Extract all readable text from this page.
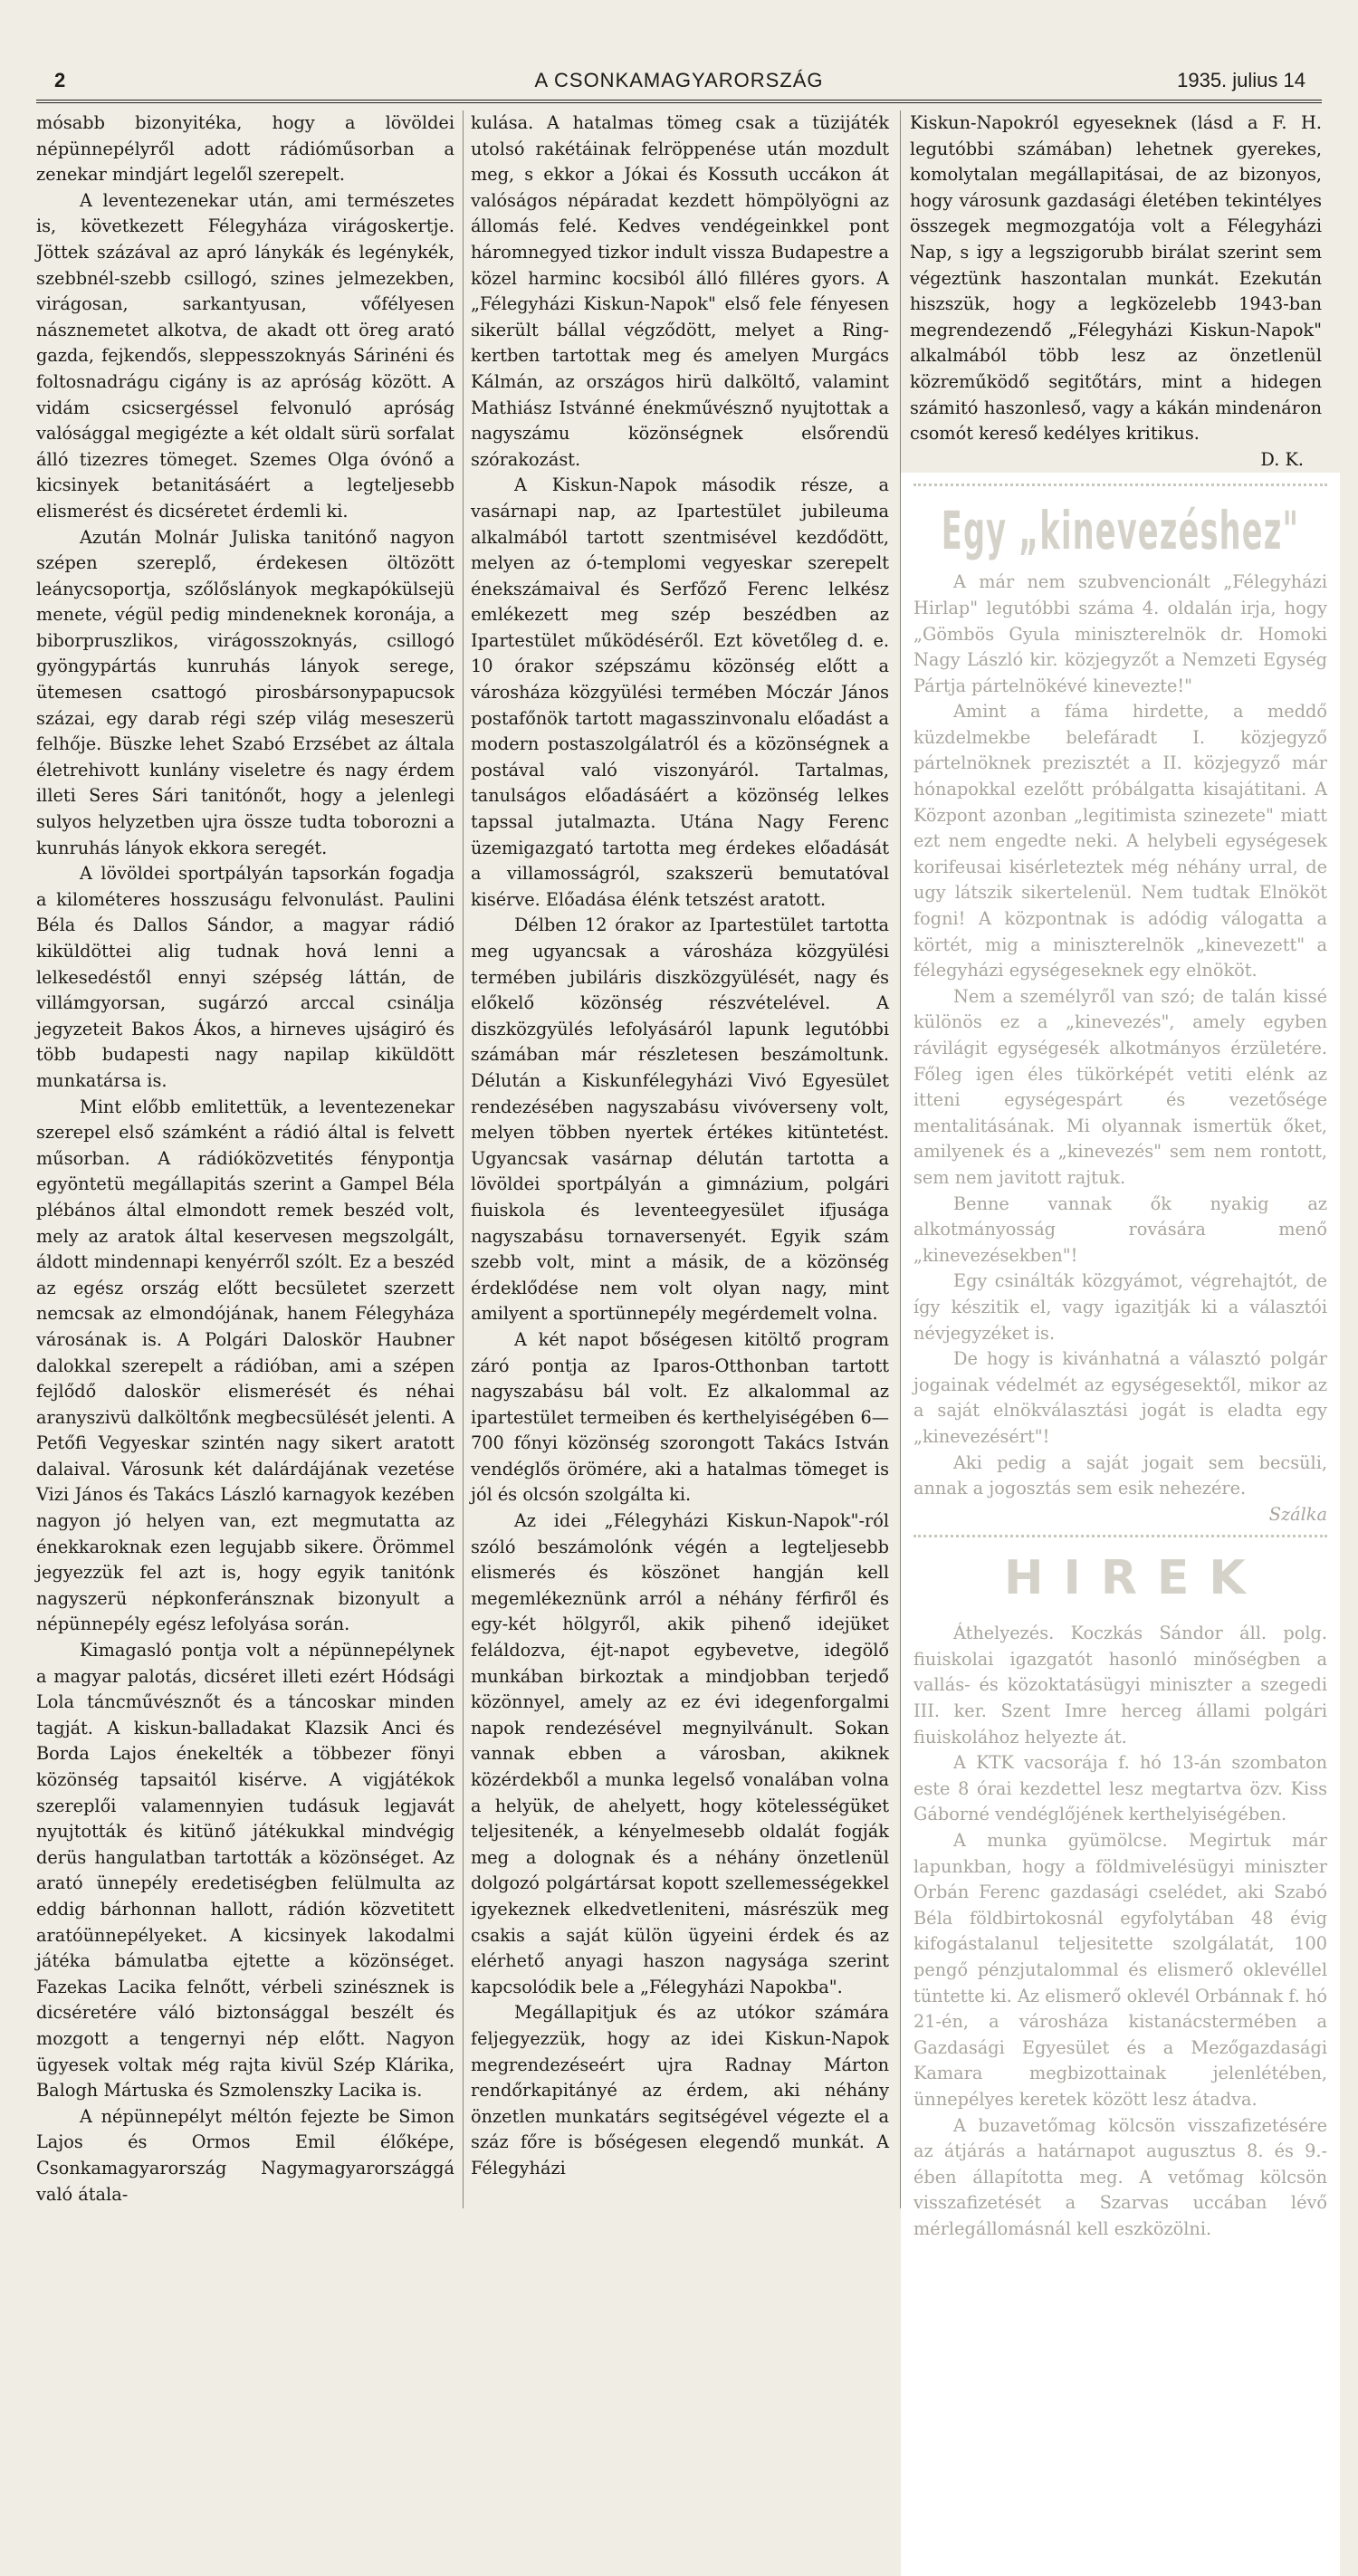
2	A CSONKAMAGYARORSZÁG	1935. julius 14

mósabb bizonyitéka, hogy a lövöldei népünnepélyről adott rádióműsorban a zenekar mindjárt legelől szerepelt.

A leventezenekar után, ami természetes is, következett Félegyháza virágoskertje. Jöttek százával az apró lánykák és legénykék, szebbnél-szebb csillogó, szines jelmezekben, virágosan, sarkantyusan, vőfélyesen násznemetet alkotva, de akadt ott öreg arató gazda, fejkendős, sleppesszoknyás Sárinéni és foltosnadrágu cigány is az apróság között. A vidám csicsergéssel felvonuló apróság valósággal megigézte a két oldalt sürü sorfalat álló tizezres tömeget. Szemes Olga óvónő a kicsinyek betanitásáért a legteljesebb elismerést és dicséretet érdemli ki.

Azután Molnár Juliska tanitónő nagyon szépen szereplő, érdekesen öltözött leánycsoportja, szőlőslányok megkapókülsejü menete, végül pedig mindeneknek koronája, a biborpruszlikos, virágosszoknyás, csillogó gyöngypártás kunruhás lányok serege, ütemesen csattogó pirosbársonypapucsok százai, egy darab régi szép világ meseszerü felhője. Büszke lehet Szabó Erzsébet az általa életrehivott kunlány viseletre és nagy érdem illeti Seres Sári tanitónőt, hogy a jelenlegi sulyos helyzetben ujra össze tudta toborozni a kunruhás lányok ekkora seregét.

A lövöldei sportpályán tapsorkán fogadja a kilométeres hosszuságu felvonulást. Paulini Béla és Dallos Sándor, a magyar rádió kiküldöttei alig tudnak hová lenni a lelkesedéstől ennyi szépség láttán, de villámgyorsan, sugárzó arccal csinálja jegyzeteit Bakos Ákos, a hirneves ujságiró és több budapesti nagy napilap kiküldött munkatársa is.

Mint előbb emlitettük, a leventezenekar szerepel első számként a rádió által is felvett műsorban. A rádióközvetités fénypontja egyöntetü megállapitás szerint a Gampel Béla plébános által elmondott remek beszéd volt, mely az aratok által keservesen megszolgált, áldott mindennapi kenyérről szólt. Ez a beszéd az egész ország előtt becsületet szerzett nemcsak az elmondójának, hanem Félegyháza városának is. A Polgári Daloskör Haubner dalokkal szerepelt a rádióban, ami a szépen fejlődő daloskör elismerését és néhai aranyszivü dalköltőnk megbecsülését jelenti. A Petőfi Vegyeskar szintén nagy sikert aratott dalaival. Városunk két dalárdájának vezetése Vizi János és Takács László karnagyok kezében nagyon jó helyen van, ezt megmutatta az énekkaroknak ezen legujabb sikere. Örömmel jegyezzük fel azt is, hogy egyik tanitónk nagyszerü népkonferánsznak bizonyult a népünnepély egész lefolyása során.

Kimagasló pontja volt a népünnepélynek a magyar palotás, dicséret illeti ezért Hódsági Lola táncművésznőt és a táncoskar minden tagját. A kiskun-balladakat Klazsik Anci és Borda Lajos énekelték a többezer fönyi közönség tapsaitól kisérve. A vigjátékok szereplői valamennyien tudásuk legjavát nyujtották és kitünő játékukkal mindvégig derüs hangulatban tartották a közönséget. Az arató ünnepély eredetiségben felülmulta az eddig bárhonnan hallott, rádión közvetitett aratóünnepélyeket. A kicsinyek lakodalmi játéka bámulatba ejtette a közönséget. Fazekas Lacika felnőtt, vérbeli szinésznek is dicséretére váló biztonsággal beszélt és mozgott a tengernyi nép előtt. Nagyon ügyesek voltak még rajta kivül Szép Klárika, Balogh Mártuska és Szmolenszky Lacika is.

A népünnepélyt méltón fejezte be Simon Lajos és Ormos Emil élőképe, Csonkamagyarország Nagymagyarországgá való átala-

kulása. A hatalmas tömeg csak a tüzijáték utolsó rakétáinak felröppenése után mozdult meg, s ekkor a Jókai és Kossuth uccákon át valóságos népáradat kezdett hömpölyögni az állomás felé. Kedves vendégeinkkel pont háromnegyed tizkor indult vissza Budapestre a közel harminc kocsiból álló filléres gyors. A „Félegyházi Kiskun-Napok" első fele fényesen sikerült bállal végződött, melyet a Ring-kertben tartottak meg és amelyen Murgács Kálmán, az országos hirü dalköltő, valamint Mathiász Istvánné énekművésznő nyujtottak a nagyszámu közönségnek elsőrendü szórakozást.

A Kiskun-Napok második része, a vasárnapi nap, az Ipartestület jubileuma alkalmából tartott szentmisével kezdődött, melyen az ó-templomi vegyeskar szerepelt énekszámaival és Serfőző Ferenc lelkész emlékezett meg szép beszédben az Ipartestület működéséről. Ezt követőleg d. e. 10 órakor szépszámu közönség előtt a városháza közgyülési termében Móczár János postafőnök tartott magasszinvonalu előadást a modern postaszolgálatról és a közönségnek a postával való viszonyáról. Tartalmas, tanulságos előadásáért a közönség lelkes tapssal jutalmazta. Utána Nagy Ferenc üzemigazgató tartotta meg érdekes előadását a villamosságról, szakszerü bemutatóval kisérve. Előadása élénk tetszést aratott.

Délben 12 órakor az Ipartestület tartotta meg ugyancsak a városháza közgyülési termében jubiláris diszközgyülését, nagy és előkelő közönség részvételével. A diszközgyülés lefolyásáról lapunk legutóbbi számában már részletesen beszámoltunk. Délután a Kiskunfélegyházi Vivó Egyesület rendezésében nagyszabásu vivóverseny volt, melyen többen nyertek értékes kitüntetést. Ugyancsak vasárnap délután tartotta a lövöldei sportpályán a gimnázium, polgári fiuiskola és leventeegyesület ifjuságа nagyszabásu tornaversenyét. Egyik szám szebb volt, mint a másik, de a közönség érdeklődése nem volt olyan nagy, mint amilyent a sportünnepély megérdemelt volna.

A két napot bőségesen kitöltő program záró pontja az Iparos-Otthonban tartott nagyszabásu bál volt. Ez alkalommal az ipartestület termeiben és kerthelyiségében 6—700 főnyi közönség szorongott Takács István vendéglős örömére, aki a hatalmas tömeget is jól és olcsón szolgálta ki.

Az idei „Félegyházi Kiskun-Napok"-ról szóló beszámolónk végén a legteljesebb elismerés és köszönet hangján kell megemlékeznünk arról a néhány férfiről és egy-két hölgyről, akik pihenő idejüket feláldozva, éjt-napot egybevetve, idegölő munkában birkoztak a mindjobban terjedő közönnyel, amely az ez évi idegenforgalmi napok rendezésével megnyilvánult. Sokan vannak ebben a városban, akiknek közérdekből a munka legelső vonalában volna a helyük, de ahelyett, hogy kötelességüket teljesitenék, a kényelmesebb oldalát fogják meg a dolognak és a néhány önzetlenül dolgozó polgártársat kopott szellemességekkel igyekeznek elkedvetleniteni, másrészük meg csakis a saját külön ügyeini érdek és az elérhető anyagi haszon nagyságа szerint kapcsolódik bele a „Félegyházi Napokba".

Megállapitjuk és az utókor számára feljegyezzük, hogy az idei Kiskun-Napok megrendezéseért ujra Radnay Márton rendőrkapitányé az érdem, aki néhány önzetlen munkatárs segitségével végezte el a száz főre is bőségesen elegendő munkát. A Félegyházi

Kiskun-Napokról egyeseknek (lásd a F. H. legutóbbi számában) lehetnek gyerekes, komolytalan megállapitásai, de az bizonyos, hogy városunk gazdasági életében tekintélyes összegek megmozgatója volt a Félegyházi Nap, s igy a legszigorubb birálat szerint sem végeztünk haszontalan munkát. Ezekután hiszszük, hogy a legközelebb 1943-ban megrendezendő „Félegyházi Kiskun-Napok" alkalmából több lesz az önzetlenül közreműködő segitőtárs, mint a hidegen számitó haszonleső, vagy a kákán mindenáron csomót kereső kedélyes kritikus.

D. K.
Egy „kinevezéshez"

A már nem szubvencionált „Félegyházi Hirlap" legutóbbi száma 4. oldalán irja, hogy „Gömbös Gyula miniszterelnök dr. Homoki Nagy László kir. közjegyzőt a Nemzeti Egység Pártja pártelnökévé kinevezte!"

Amint a fáma hirdette, a meddő küzdelmekbe belefáradt I. közjegyző pártelnöknek prezisztét a II. közjegyző már hónapokkal ezelőtt próbálgatta kisajátitani. A Központ azonban „legitimista szinezete" miatt ezt nem engedte neki. A helybeli egységesek korifeusai kisérleteztek még néhány urral, de ugy látszik sikertelenül. Nem tudtak Elnököt fogni! A központnak is adódig válogatta a körtét, mig a miniszterelnök „kinevezett" a félegyházi egységeseknek egy elnököt.

Nem a személyről van szó; de talán kissé különös ez a „kinevezés", amely egyben rávilágit egységesék alkotmányos érzületére. Főleg igen éles tükörképét vetiti elénk az itteni egységespárt és vezetősége mentalitásának. Mi olyannak ismertük őket, amilyenek és a „kinevezés" sem nem rontott, sem nem javitott rajtuk.

Benne vannak ők nyakig az alkotmányosság rovására menő „kinevezésekben"!

Egy csinálták közgyámot, végrehajtót, de így készitik el, vagy igazitják ki a választói névjegyzéket is.

De hogy is kivánhatná a választó polgár jogainak védelmét az egységesektől, mikor az a saját elnökválasztási jogát is eladta egy „kinevezésért"!

Aki pedig a saját jogait sem becsüli, annak a jogosztás sem esik nehezére.

Szálka
HIREK

Áthelyezés. Koczkás Sándor áll. polg. fiuiskolai igazgatót hasonló minőségben a vallás- és közoktatásügyi miniszter a szegedi III. ker. Szent Imre herceg állami polgári fiuiskolához helyezte át.

A KTK vacsorája f. hó 13-án szombaton este 8 órai kezdettel lesz megtartva özv. Kiss Gáborné vendéglőjének kerthelyiségében.

A munka gyümölcse. Megirtuk már lapunkban, hogy a földmivelésügyi miniszter Orbán Ferenc gazdasági cselédet, aki Szabó Béla földbirtokosnál egyfolytában 48 évig kifogástalanul teljesitette szolgálatát, 100 pengő pénzjutalommal és elismerő oklevéllel tüntette ki. Az elismerő oklevél Orbánnak f. hó 21-én, a városháza kistanácstermében a Gazdasági Egyesület és a Mezőgazdasági Kamara megbizottainak jelenlétében, ünnepélyes keretek között lesz átadva.

A buzavetőmag kölcsön visszafizetésére az átjárás a határnapot augusztus 8. és 9.-ében állapította meg. A vetőmag kölcsön visszafizetését a Szarvas uccában lévő mérlegállomásnál kell eszközölni.
